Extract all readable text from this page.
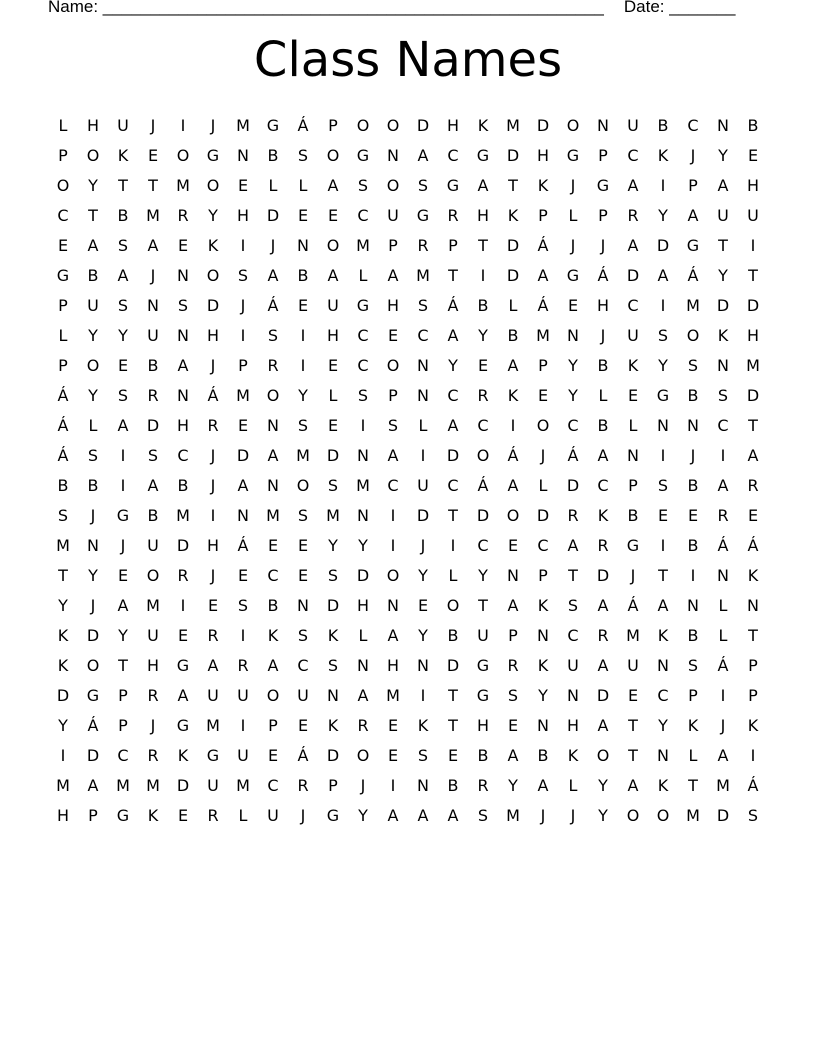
Name: _____________________________________________________ Date: _______
Class Names
L	H	U	J	I	J	M	G	Á	P	O	O	D	H	K	M	D	O	N	U	B	C	N	B
P	O	K	E	O	G	N	B	S	O	G	N	A	C	G	D	H	G	P	C	K	J	Y	E
O	Y	T	T	M	O	E	L	L	A	S	O	S	G	A	T	K	J	G	A	I	P	A	H
C	T	B	M	R	Y	H	D	E	E	C	U	G	R	H	K	P	L	P	R	Y	A	U	U
E	A	S	A	E	K	I	J	N	O	M	P	R	P	T	D	Á	J	J	A	D	G	T	I
G	B	A	J	N	O	S	A	B	A	L	A	M	T	I	D	A	G	Á	D	A	Á	Y	T
P	U	S	N	S	D	J	Á	E	U	G	H	S	Á	B	L	Á	E	H	C	I	M	D	D
L	Y	Y	U	N	H	I	S	I	H	C	E	C	A	Y	B	M	N	J	U	S	O	K	H
P	O	E	B	A	J	P	R	I	E	C	O	N	Y	E	A	P	Y	B	K	Y	S	N	M
Á	Y	S	R	N	Á	M	O	Y	L	S	P	N	C	R	K	E	Y	L	E	G	B	S	D
Á	L	A	D	H	R	E	N	S	E	I	S	L	A	C	I	O	C	B	L	N	N	C	T
Á	S	I	S	C	J	D	A	M	D	N	A	I	D	O	Á	J	Á	A	N	I	J	I	A
B	B	I	A	B	J	A	N	O	S	M	C	U	C	Á	A	L	D	C	P	S	B	A	R
S	J	G	B	M	I	N	M	S	M	N	I	D	T	D	O	D	R	K	B	E	E	R	E
M	N	J	U	D	H	Á	E	E	Y	Y	I	J	I	C	E	C	A	R	G	I	B	Á	Á
T	Y	E	O	R	J	E	C	E	S	D	O	Y	L	Y	N	P	T	D	J	T	I	N	K
Y	J	A	M	I	E	S	B	N	D	H	N	E	O	T	A	K	S	A	Á	A	N	L	N
K	D	Y	U	E	R	I	K	S	K	L	A	Y	B	U	P	N	C	R	M	K	B	L	T
K	O	T	H	G	A	R	A	C	S	N	H	N	D	G	R	K	U	A	U	N	S	Á	P
D	G	P	R	A	U	U	O	U	N	A	M	I	T	G	S	Y	N	D	E	C	P	I	P
Y	Á	P	J	G	M	I	P	E	K	R	E	K	T	H	E	N	H	A	T	Y	K	J	K
I	D	C	R	K	G	U	E	Á	D	O	E	S	E	B	A	B	K	O	T	N	L	A	I
M	A	M	M	D	U	M	C	R	P	J	I	N	B	R	Y	A	L	Y	A	K	T	M	Á
H	P	G	K	E	R	L	U	J	G	Y	A	A	A	S	M	J	J	Y	O	O	M	D	S
